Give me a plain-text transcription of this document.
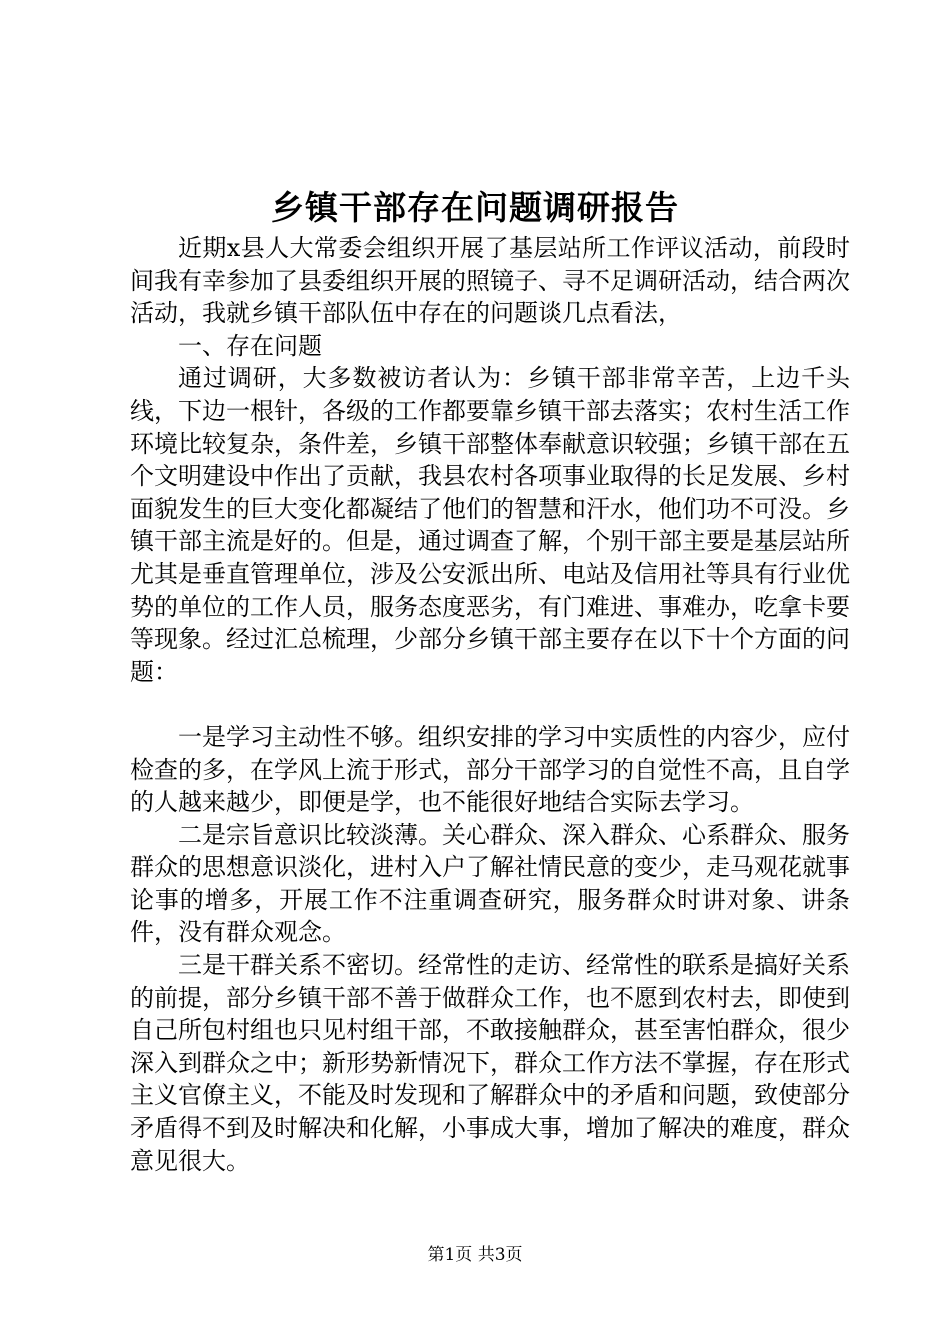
乡镇干部存在问题调研报告

近期x县人大常委会组织开展了基层站所工作评议活动，前段时间我有幸参加了县委组织开展的照镜子、寻不足调研活动，结合两次活动，我就乡镇干部队伍中存在的问题谈几点看法，

一、存在问题

通过调研，大多数被访者认为：乡镇干部非常辛苦，上边千头线，下边一根针，各级的工作都要靠乡镇干部去落实；农村生活工作环境比较复杂，条件差，乡镇干部整体奉献意识较强；乡镇干部在五个文明建设中作出了贡献，我县农村各项事业取得的长足发展、乡村面貌发生的巨大变化都凝结了他们的智慧和汗水，他们功不可没。乡镇干部主流是好的。但是，通过调查了解，个别干部主要是基层站所尤其是垂直管理单位，涉及公安派出所、电站及信用社等具有行业优势的单位的工作人员，服务态度恶劣，有门难进、事难办，吃拿卡要等现象。经过汇总梳理，少部分乡镇干部主要存在以下十个方面的问题：

一是学习主动性不够。组织安排的学习中实质性的内容少，应付检查的多，在学风上流于形式，部分干部学习的自觉性不高，且自学的人越来越少，即便是学，也不能很好地结合实际去学习。

二是宗旨意识比较淡薄。关心群众、深入群众、心系群众、服务群众的思想意识淡化，进村入户了解社情民意的变少，走马观花就事论事的增多，开展工作不注重调查研究，服务群众时讲对象、讲条件，没有群众观念。

三是干群关系不密切。经常性的走访、经常性的联系是搞好关系的前提，部分乡镇干部不善于做群众工作，也不愿到农村去，即使到自己所包村组也只见村组干部，不敢接触群众，甚至害怕群众，很少深入到群众之中；新形势新情况下，群众工作方法不掌握，存在形式主义官僚主义，不能及时发现和了解群众中的矛盾和问题，致使部分矛盾得不到及时解决和化解，小事成大事，增加了解决的难度，群众意见很大。

第1页 共3页
